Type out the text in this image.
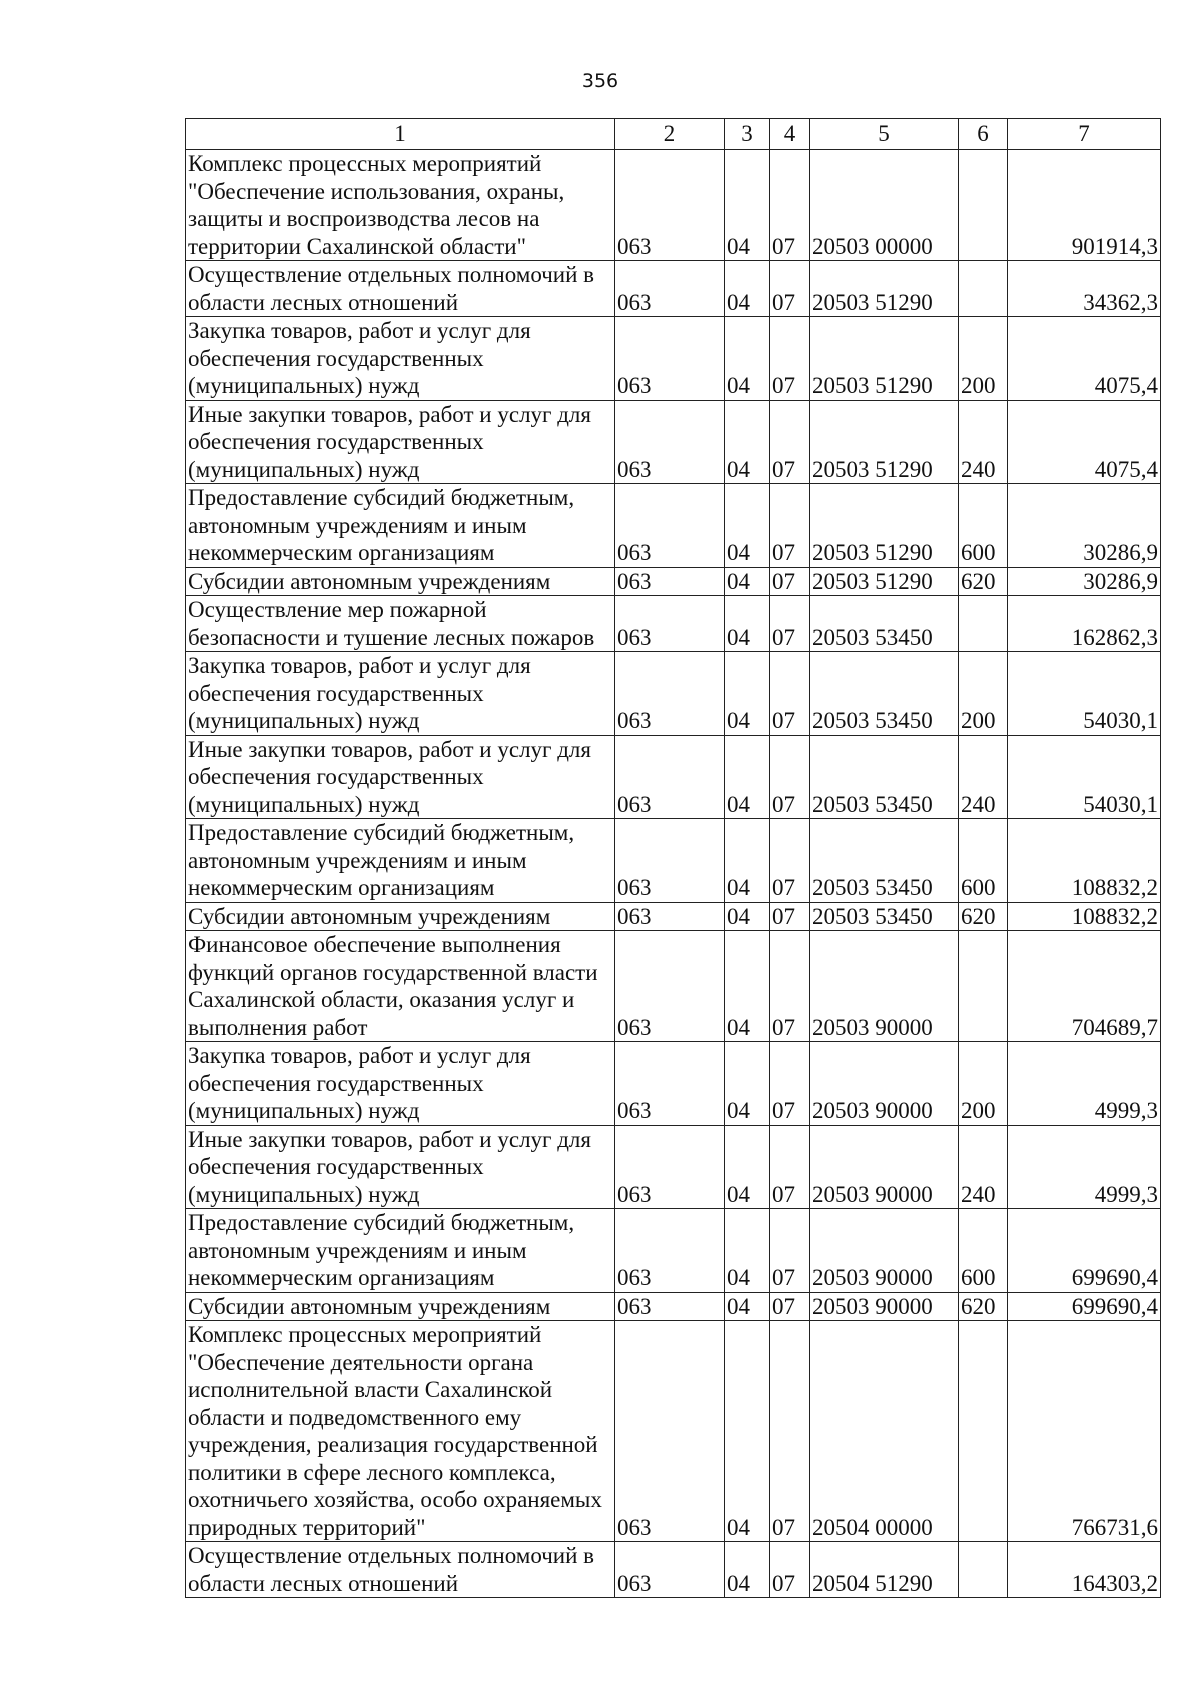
356
1	2	3	4	5	6	7
Комплекс процессных мероприятий "Обеспечение использования, охраны, защиты и воспроизводства лесов на территории Сахалинской области"	063	04	07	20503 00000		901914,3
Осуществление отдельных полномочий в области лесных отношений	063	04	07	20503 51290		34362,3
Закупка товаров, работ и услуг для обеспечения государственных (муниципальных) нужд	063	04	07	20503 51290	200	4075,4
Иные закупки товаров, работ и услуг для обеспечения государственных (муниципальных) нужд	063	04	07	20503 51290	240	4075,4
Предоставление субсидий бюджетным, автономным учреждениям и иным некоммерческим организациям	063	04	07	20503 51290	600	30286,9
Субсидии автономным учреждениям	063	04	07	20503 51290	620	30286,9
Осуществление мер пожарной безопасности и тушение лесных пожаров	063	04	07	20503 53450		162862,3
Закупка товаров, работ и услуг для обеспечения государственных (муниципальных) нужд	063	04	07	20503 53450	200	54030,1
Иные закупки товаров, работ и услуг для обеспечения государственных (муниципальных) нужд	063	04	07	20503 53450	240	54030,1
Предоставление субсидий бюджетным, автономным учреждениям и иным некоммерческим организациям	063	04	07	20503 53450	600	108832,2
Субсидии автономным учреждениям	063	04	07	20503 53450	620	108832,2
Финансовое обеспечение выполнения функций органов государственной власти Сахалинской области, оказания услуг и выполнения работ	063	04	07	20503 90000		704689,7
Закупка товаров, работ и услуг для обеспечения государственных (муниципальных) нужд	063	04	07	20503 90000	200	4999,3
Иные закупки товаров, работ и услуг для обеспечения государственных (муниципальных) нужд	063	04	07	20503 90000	240	4999,3
Предоставление субсидий бюджетным, автономным учреждениям и иным некоммерческим организациям	063	04	07	20503 90000	600	699690,4
Субсидии автономным учреждениям	063	04	07	20503 90000	620	699690,4
Комплекс процессных мероприятий "Обеспечение деятельности органа исполнительной власти Сахалинской области и подведомственного ему учреждения, реализация государственной политики в сфере лесного комплекса, охотничьего хозяйства, особо охраняемых природных территорий"	063	04	07	20504 00000		766731,6
Осуществление отдельных полномочий в области лесных отношений	063	04	07	20504 51290		164303,2
